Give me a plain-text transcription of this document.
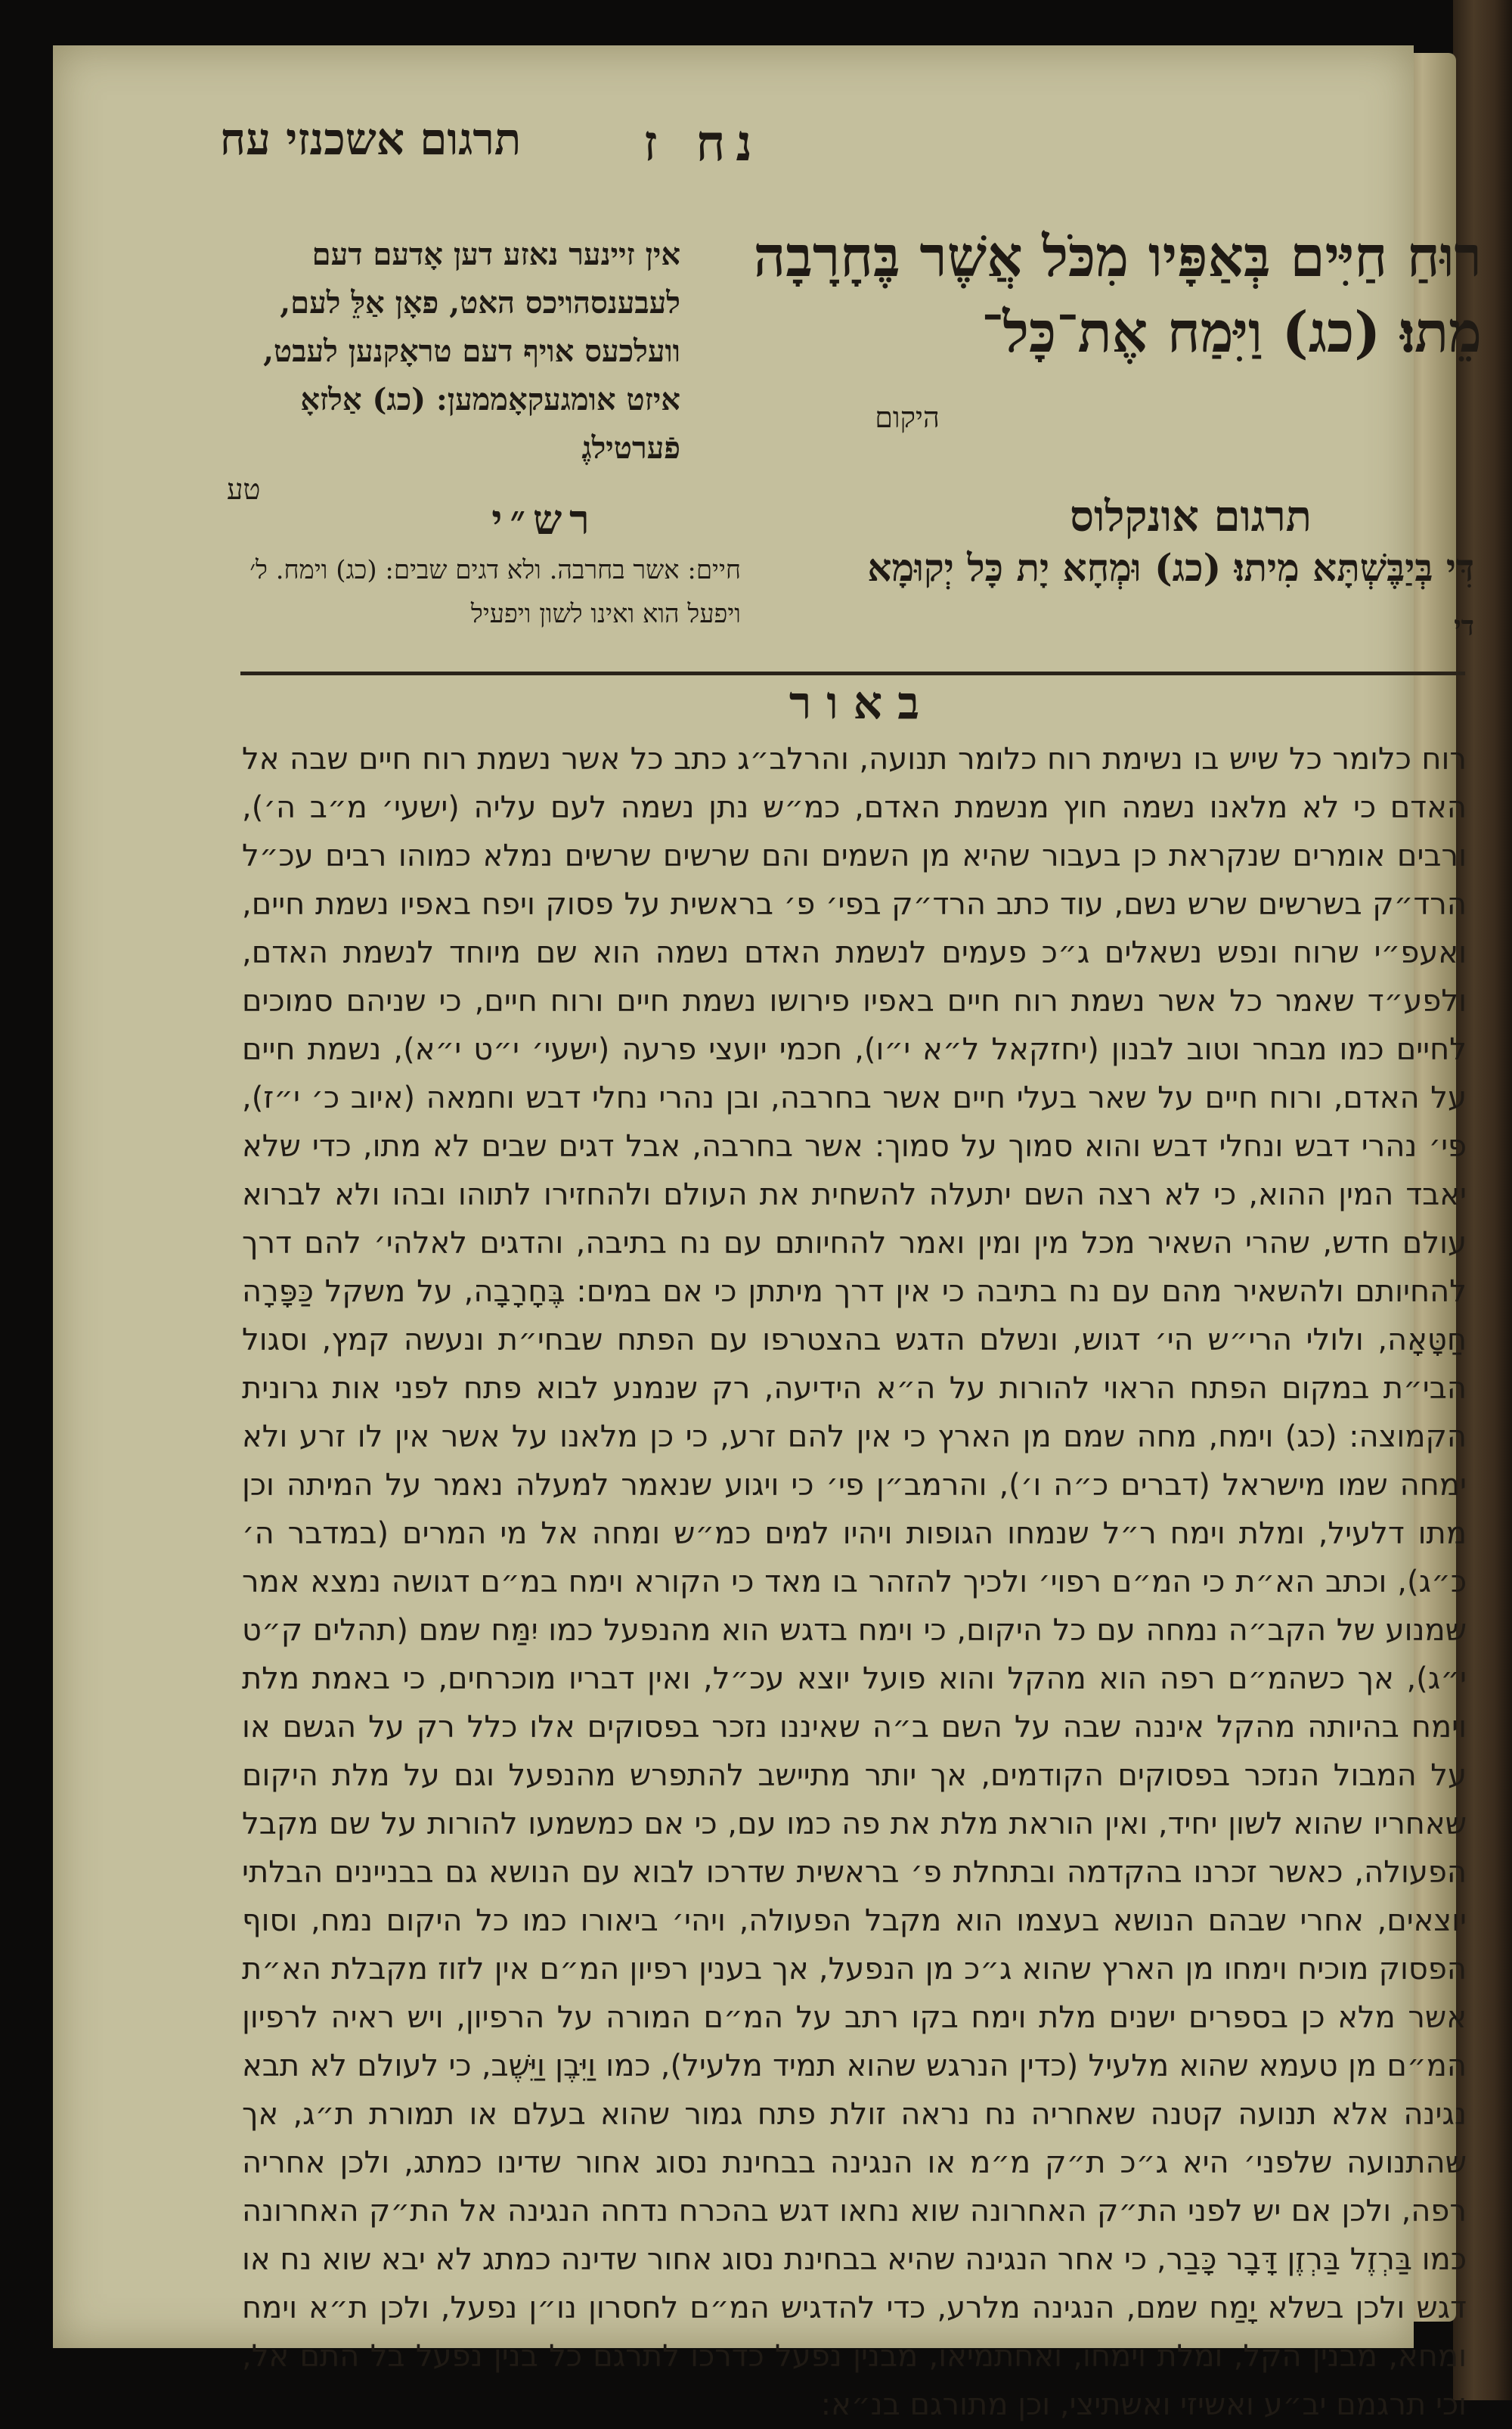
נח ז
תרגום אשכנזי עח
רוּחַ חַיִּים בְּאַפָּיו מִכֹּל אֲשֶׁר בֶּחָרָבָה מֵתוּ׃ (כג) וַיִּמַח אֶת־כָּל־
היקום
אין זיינער נאזע דען אָדעם דעם לעבענסהויכס האט, פאָן אַלֵּ לעם, וועלכעס אויף דעם טראָקנען לעבט, איזט אומגעקאָממען: (כג) אַלזאָ פֿערטילגֶ
טע
תרגום אונקלוס
רש״י
דִּי בְּיַבֶּשְׁתָּא מִיתוּ׃ (כג) וּמְחָא יָת כָּל יְקוּמָא
די
חיים: אשר בחרבה. ולא דגים שבים: (כג) וימח. ל׳ ויפעל הוא ואינו לשון ויפעיל
באור
רוח כלומר כל שיש בו נשימת רוח כלומר תנועה, והרלב״ג כתב כל אשר נשמת רוח חיים שבה אל האדם כי לא מלאנו נשמה חוץ מנשמת האדם, כמ״ש נתן נשמה לעם עליה (ישעי׳ מ״ב ה׳), ורבים אומרים שנקראת כן בעבור שהיא מן השמים והם שרשים שרשים נמלא כמוהו רבים עכ״ל הרד״ק בשרשים שרש נשם, עוד כתב הרד״ק בפי׳ פ׳ בראשית על פסוק ויפח באפיו נשמת חיים, ואעפ״י שרוח ונפש נשאלים ג״כ פעמים לנשמת האדם נשמה הוא שם מיוחד לנשמת האדם, ולפע״ד שאמר כל אשר נשמת רוח חיים באפיו פירושו נשמת חיים ורוח חיים, כי שניהם סמוכים לחיים כמו מבחר וטוב לבנון (יחזקאל ל״א י״ו), חכמי יועצי פרעה (ישעי׳ י״ט י״א), נשמת חיים על האדם, ורוח חיים על שאר בעלי חיים אשר בחרבה, ובן נהרי נחלי דבש וחמאה (איוב כ׳ י״ז), פי׳ נהרי דבש ונחלי דבש והוא סמוך על סמוך: אשר בחרבה, אבל דגים שבים לא מתו, כדי שלא יאבד המין ההוא, כי לא רצה השם יתעלה להשחית את העולם ולהחזירו לתוהו ובהו ולא לברוא עולם חדש, שהרי השאיר מכל מין ומין ואמר להחיותם עם נח בתיבה, והדגים לאלהי׳ להם דרך להחיותם ולהשאיר מהם עם נח בתיבה כי אין דרך מיתתן כי אם במים: בֶּחָרָבָה, על משקל כַּפָּרָה חַטָּאָה, ולולי הרי״ש הי׳ דגוש, ונשלם הדגש בהצטרפו עם הפתח שבחי״ת ונעשה קמץ, וסגול הבי״ת במקום הפתח הראוי להורות על ה״א הידיעה, רק שנמנע לבוא פתח לפני אות גרונית הקמוצה: (כג) וימח, מחה שמם מן הארץ כי אין להם זרע, כי כן מלאנו על אשר אין לו זרע ולא ימחה שמו מישראל (דברים כ״ה ו׳), והרמב״ן פי׳ כי ויגוע שנאמר למעלה נאמר על המיתה וכן מתו דלעיל, ומלת וימח ר״ל שנמחו הגופות ויהיו למים כמ״ש ומחה אל מי המרים (במדבר ה׳ כ״ג), וכתב הא״ת כי המ״ם רפוי׳ ולכיך להזהר בו מאד כי הקורא וימח במ״ם דגושה נמצא אמר שמנוע של הקב״ה נמחה עם כל היקום, כי וימח בדגש הוא מהנפעל כמו יִמַּח שמם (תהלים ק״ט י״ג), אך כשהמ״ם רפה הוא מהקל והוא פועל יוצא עכ״ל, ואין דבריו מוכרחים, כי באמת מלת וימח בהיותה מהקל איננה שבה על השם ב״ה שאיננו נזכר בפסוקים אלו כלל רק על הגשם או על המבול הנזכר בפסוקים הקודמים, אך יותר מתיישב להתפרש מהנפעל וגם על מלת היקום שאחריו שהוא לשון יחיד, ואין הוראת מלת את פה כמו עם, כי אם כמשמעו להורות על שם מקבל הפעולה, כאשר זכרנו בהקדמה ובתחלת פ׳ בראשית שדרכו לבוא עם הנושא גם בבניינים הבלתי יוצאים, אחרי שבהם הנושא בעצמו הוא מקבל הפעולה, ויהי׳ ביאורו כמו כל היקום נמח, וסוף הפסוק מוכיח וימחו מן הארץ שהוא ג״כ מן הנפעל, אך בענין רפיון המ״ם אין לזוז מקבלת הא״ת אשר מלא כן בספרים ישנים מלת וימח בקו רתב על המ״ם המורה על הרפיון, ויש ראיה לרפיון המ״ם מן טעמא שהוא מלעיל (כדין הנרגש שהוא תמיד מלעיל), כמו וַיִּבֶן וַיֵּשֶׁב, כי לעולם לא תבא נגינה אלא תנועה קטנה שאחריה נח נראה זולת פתח גמור שהוא בעלם או תמורת ת״ג, אך שהתנועה שלפני׳ היא ג״כ ת״ק מ״מ או הנגינה בבחינת נסוג אחור שדינו כמתג, ולכן אחריה רפה, ולכן אם יש לפני הת״ק האחרונה שוא נחאו דגש בהכרח נדחה הנגינה אל הת״ק האחרונה כמו בַּרְזֶל בַּרְזֶן דָּבָר כָּבַר, כי אחר הנגינה שהיא בבחינת נסוג אחור שדינה כמתג לא יבא שוא נח או דגש ולכן בשלא יָמַח שמם, הנגינה מלרע, כדי להדגיש המ״ם לחסרון נו״ן נפעל, ולכן ת״א וימח ומחא, מבנין הקל, ומלת וימחו, ואחתמיאו, מבנין נפעל כדרכו לתרגם כל בנין נפעל בל התם אל, וכי תרגמם יב״ע ואשיזי ואשתיצי, וכן מתורגם בנ״א:
